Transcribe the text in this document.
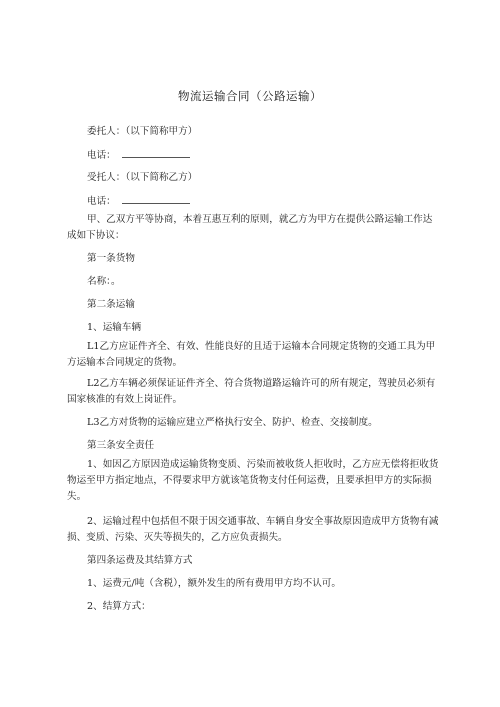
物流运输合同（公路运输）
委托人：（以下简称甲方）
电话：
受托人：（以下简称乙方）
电话：
甲、乙双方平等协商，本着互惠互利的原则，就乙方为甲方在提供公路运输工作达成如下协议：
第一条货物
名称：。
第二条运输
1、运输车辆
L1乙方应证件齐全、有效、性能良好的且适于运输本合同规定货物的交通工具为甲方运输本合同规定的货物。
L2乙方车辆必须保证证件齐全、符合货物道路运输许可的所有规定，驾驶员必须有国家核准的有效上岗证件。
L3乙方对货物的运输应建立严格执行安全、防护、检查、交接制度。
第三条安全责任
1、如因乙方原因造成运输货物变质、污染而被收货人拒收时，乙方应无偿将拒收货物运至甲方指定地点，不得要求甲方就该笔货物支付任何运费，且要承担甲方的实际损失。
2、运输过程中包括但不限于因交通事故、车辆自身安全事故原因造成甲方货物有减损、变质、污染、灭失等损失的，乙方应负责损失。
第四条运费及其结算方式
1、运费元/吨（含税），额外发生的所有费用甲方均不认可。
2、结算方式：
